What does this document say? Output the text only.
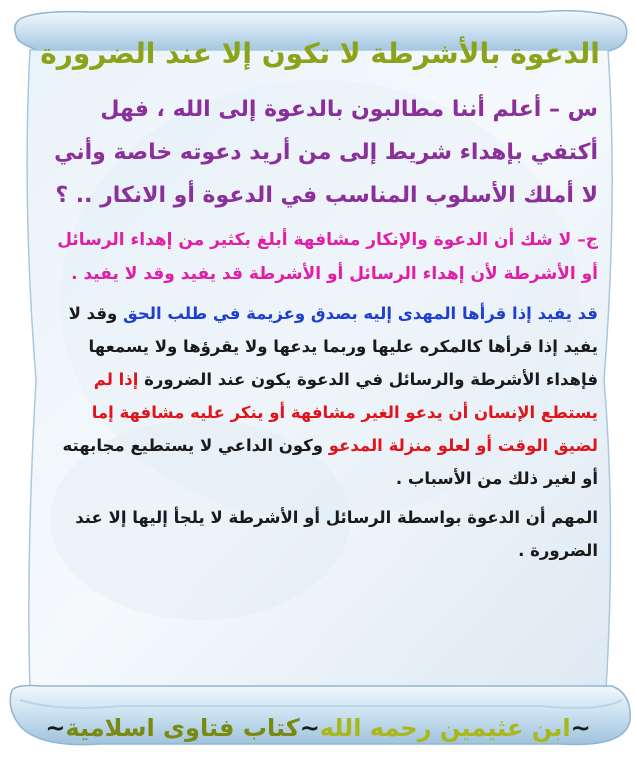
الدعوة بالأشرطة لا تكون إلا عند الضرورة

س – أعلم أننا مطالبون بالدعوة إلى الله ، فهل أكتفي بإهداء شريط إلى من أريد دعوته خاصة وأني لا أملك الأسلوب المناسب في الدعوة أو الانكار .. ؟

ج– لا شك أن الدعوة والإنكار مشافهة أبلغ بكثير من إهداء الرسائل أو الأشرطة لأن إهداء الرسائل أو الأشرطة قد يفيد وقد لا يفيد .

قد يفيد إذا قرأها المهدى إليه بصدق وعزيمة في طلب الحق وقد لا يفيد إذا قرأها كالمكره عليها وربما يدعها ولا يقرؤها ولا يسمعها فإهداء الأشرطة والرسائل في الدعوة يكون عند الضرورة إذا لم يستطع الإنسان أن يدعو الغير مشافهة أو ينكر عليه مشافهة إما لضيق الوقت أو لعلو منزلة المدعو وكون الداعي لا يستطيع مجابهته أو لغير ذلك من الأسباب .

المهم أن الدعوة بواسطة الرسائل أو الأشرطة لا يلجأ إليها إلا عند الضرورة .

~ابن عثيمين رحمه الله~كتاب فتاوى اسلامية~
